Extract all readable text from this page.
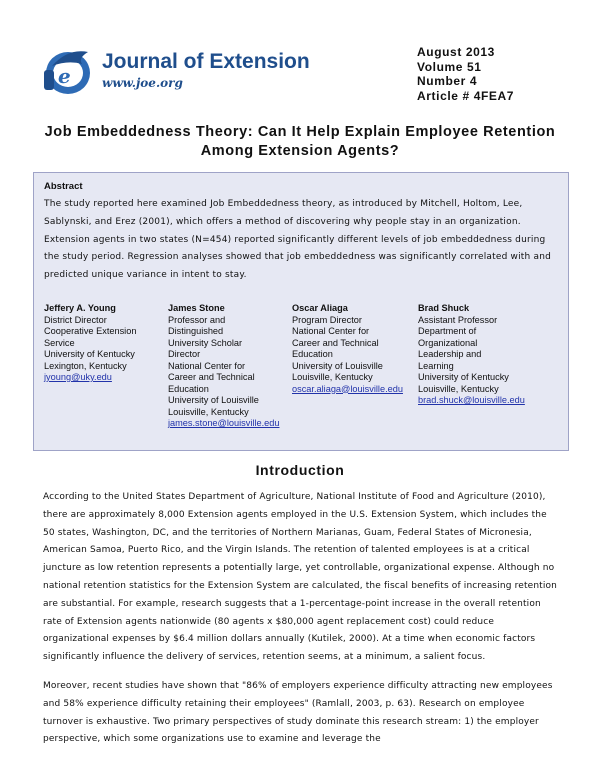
e
Journal of Extension
www.joe.org
August 2013
Volume 51
Number 4
Article # 4FEA7
Job Embeddedness Theory: Can It Help Explain Employee Retention Among Extension Agents?
Abstract
The study reported here examined Job Embeddedness theory, as introduced by Mitchell, Holtom, Lee, Sablynski, and Erez (2001), which offers a method of discovering why people stay in an organization. Extension agents in two states (N=454) reported significantly different levels of job embeddedness during the study period. Regression analyses showed that job embeddedness was significantly correlated with and predicted unique variance in intent to stay.
Jeffery A. Young
District Director
Cooperative Extension
Service
University of Kentucky
Lexington, Kentucky
jyoung@uky.edu
James Stone
Professor and
Distinguished
University Scholar
Director
National Center for
Career and Technical
Education
University of Louisville
Louisville, Kentucky
james.stone@louisville.edu
Oscar Aliaga
Program Director
National Center for
Career and Technical
Education
University of Louisville
Louisville, Kentucky
oscar.aliaga@louisville.edu
Brad Shuck
Assistant Professor
Department of
Organizational
Leadership and
Learning
University of Kentucky
Louisville, Kentucky
brad.shuck@louisville.edu
Introduction
According to the United States Department of Agriculture, National Institute of Food and Agriculture (2010), there are approximately 8,000 Extension agents employed in the U.S. Extension System, which includes the 50 states, Washington, DC, and the territories of Northern Marianas, Guam, Federal States of Micronesia, American Samoa, Puerto Rico, and the Virgin Islands. The retention of talented employees is at a critical juncture as low retention represents a potentially large, yet controllable, organizational expense. Although no national retention statistics for the Extension System are calculated, the fiscal benefits of increasing retention are substantial. For example, research suggests that a 1-percentage-point increase in the overall retention rate of Extension agents nationwide (80 agents x $80,000 agent replacement cost) could reduce organizational expenses by $6.4 million dollars annually (Kutilek, 2000). At a time when economic factors significantly influence the delivery of services, retention seems, at a minimum, a salient focus.
Moreover, recent studies have shown that "86% of employers experience difficulty attracting new employees and 58% experience difficulty retaining their employees" (Ramlall, 2003, p. 63). Research on employee turnover is exhaustive. Two primary perspectives of study dominate this research stream: 1) the employer perspective, which some organizations use to examine and leverage the
